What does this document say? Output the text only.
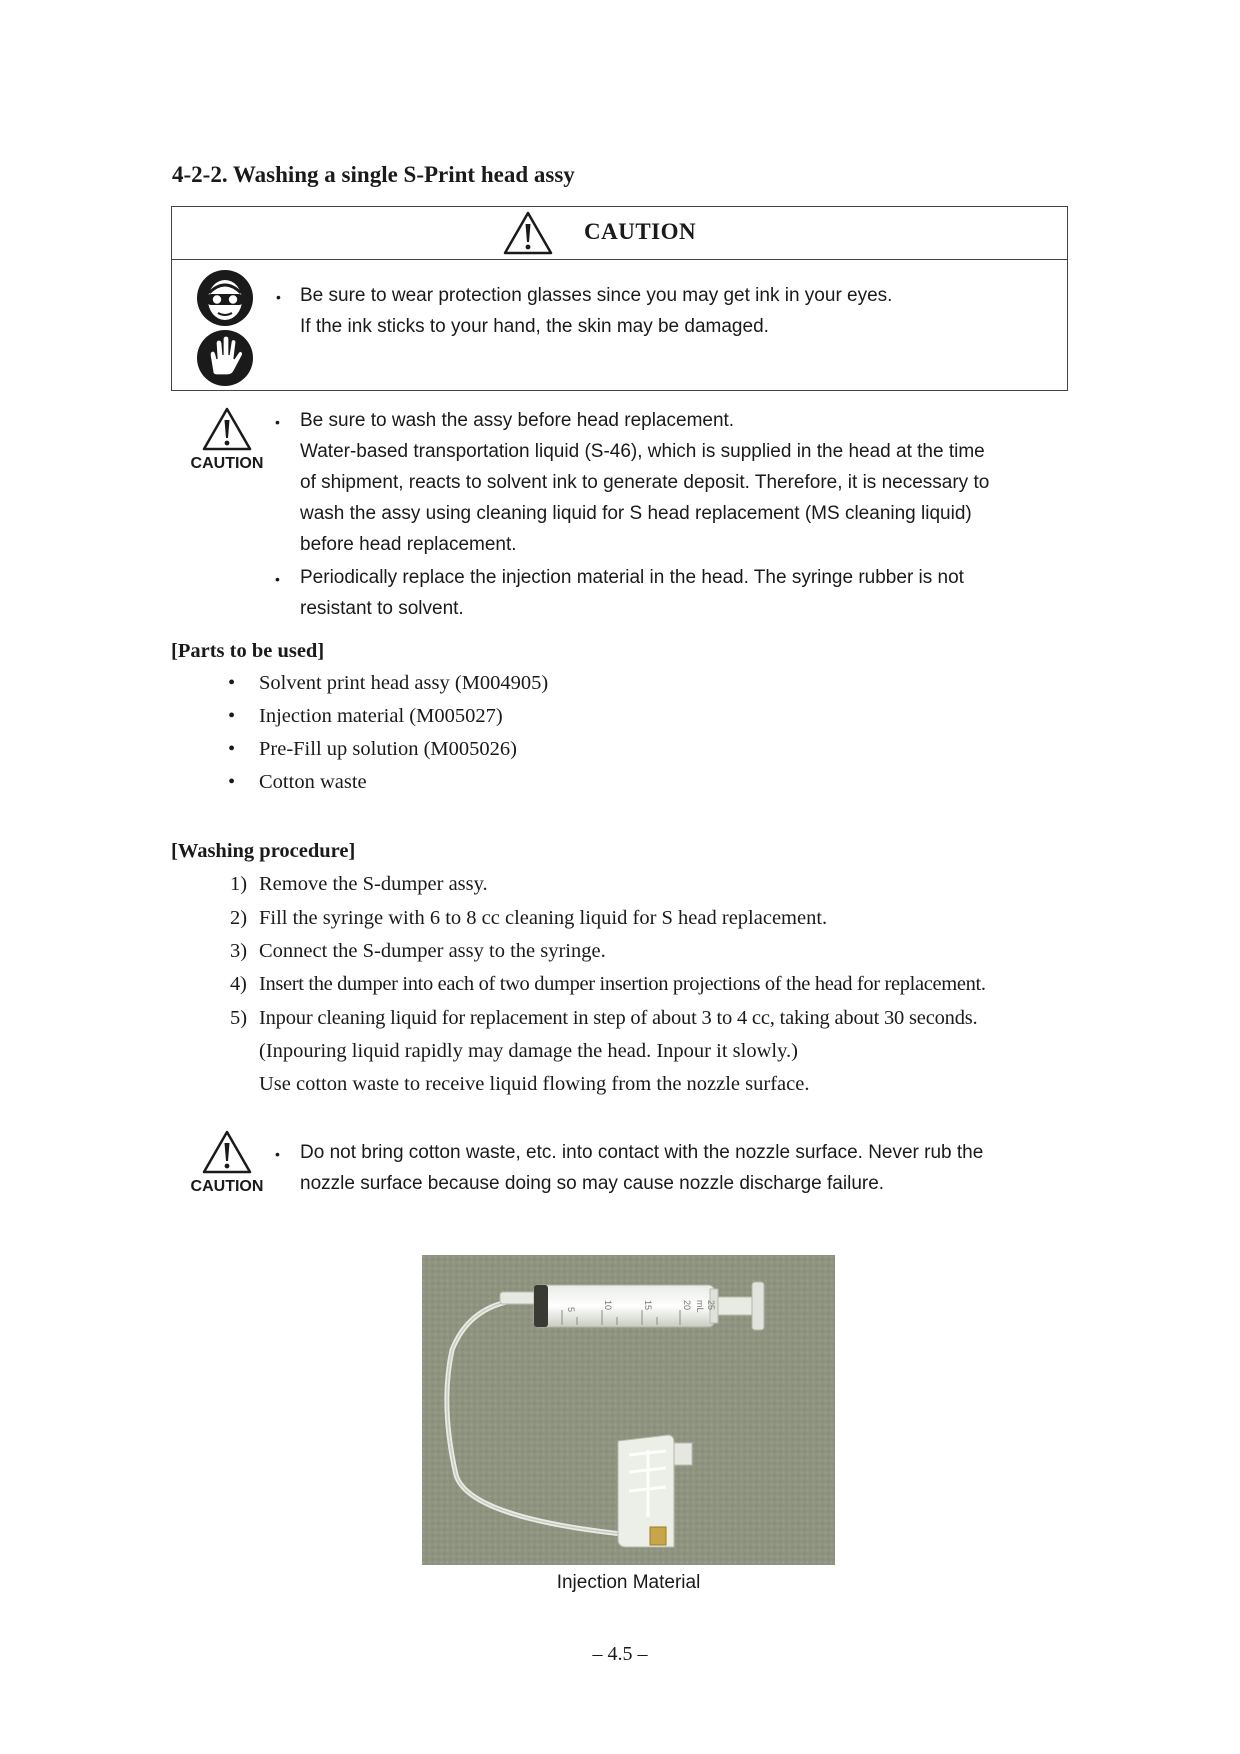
4-2-2. Washing a single S-Print head assy
CAUTION
• Be sure to wear protection glasses since you may get ink in your eyes.
If the ink sticks to your hand, the skin may be damaged.
CAUTION
• Be sure to wash the assy before head replacement.
Water-based transportation liquid (S-46), which is supplied in the head at the time
of shipment, reacts to solvent ink to generate deposit. Therefore, it is necessary to
wash the assy using cleaning liquid for S head replacement (MS cleaning liquid)
before head replacement.
• Periodically replace the injection material in the head. The syringe rubber is not
resistant to solvent.
[Parts to be used]
• Solvent print head assy (M004905)
• Injection material (M005027)
• Pre-Fill up solution (M005026)
• Cotton waste
[Washing procedure]
1) Remove the S-dumper assy.
2) Fill the syringe with 6 to 8 cc cleaning liquid for S head replacement.
3) Connect the S-dumper assy to the syringe.
4) Insert the dumper into each of two dumper insertion projections of the head for replacement.
5) Inpour cleaning liquid for replacement in step of about 3 to 4 cc, taking about 30 seconds.
(Inpouring liquid rapidly may damage the head. Inpour it slowly.)
Use cotton waste to receive liquid flowing from the nozzle surface.
CAUTION
• Do not bring cotton waste, etc. into contact with the nozzle surface. Never rub the
nozzle surface because doing so may cause nozzle discharge failure.
5	10	15	20 mL 25
Injection Material
– 4.5 –
